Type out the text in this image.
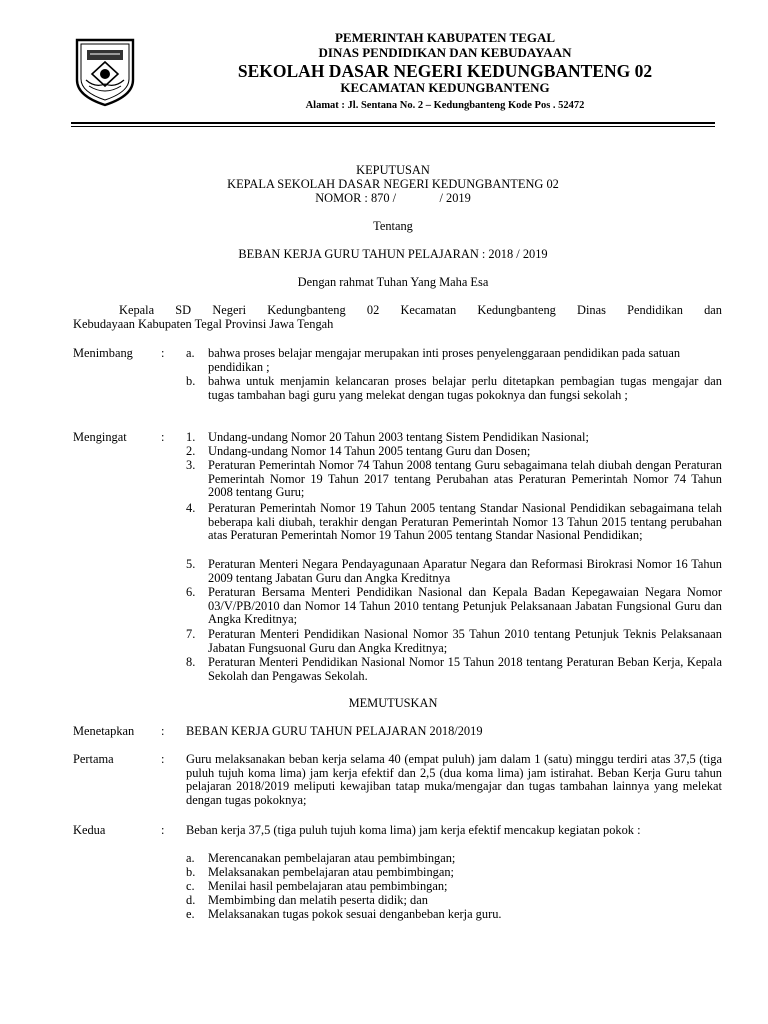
PEMERINTAH KABUPATEN TEGAL
DINAS PENDIDIKAN DAN KEBUDAYAAN
SEKOLAH DASAR NEGERI KEDUNGBANTENG 02
KECAMATAN KEDUNGBANTENG
Alamat : Jl. Sentana No. 2 – Kedungbanteng Kode Pos . 52472
KEPUTUSAN
KEPALA SEKOLAH DASAR NEGERI KEDUNGBANTENG 02
NOMOR : 870 /              / 2019
Tentang
BEBAN KERJA GURU TAHUN PELAJARAN : 2018 / 2019
Dengan rahmat Tuhan Yang Maha Esa
Kepala SD Negeri Kedungbanteng 02 Kecamatan Kedungbanteng Dinas Pendidikan dan
Kebudayaan Kabupaten Tegal Provinsi Jawa Tengah
Menimbang : a. bahwa proses belajar mengajar merupakan inti proses penyelenggaraan pendidikan pada satuan pendidikan ;
b. bahwa untuk menjamin kelancaran proses belajar perlu ditetapkan pembagian tugas mengajar dan tugas tambahan bagi guru yang melekat dengan tugas pokoknya dan fungsi sekolah ;
Mengingat	: 1. Undang-undang Nomor 20 Tahun 2003 tentang Sistem Pendidikan Nasional;
2. Undang-undang Nomor 14 Tahun 2005 tentang Guru dan Dosen;
3. Peraturan Pemerintah Nomor 74 Tahun 2008 tentang Guru sebagaimana telah diubah dengan Peraturan Pemerintah Nomor 19 Tahun 2017 tentang Perubahan atas Peraturan Pemerintah Nomor 74 Tahun 2008 tentang Guru;
4. Peraturan Pemerintah Nomor 19 Tahun 2005 tentang Standar Nasional Pendidikan sebagaimana telah beberapa kali diubah, terakhir dengan Peraturan Pemerintah Nomor 13 Tahun 2015 tentang perubahan atas Peraturan Pemerintah Nomor 19 Tahun 2005 tentang Standar Nasional Pendidikan;
5. Peraturan Menteri Negara Pendayagunaan Aparatur Negara dan Reformasi Birokrasi Nomor 16 Tahun 2009 tentang Jabatan Guru dan Angka Kreditnya
6. Peraturan Bersama Menteri Pendidikan Nasional dan Kepala Badan Kepegawaian Negara Nomor 03/V/PB/2010 dan Nomor 14 Tahun 2010 tentang Petunjuk Pelaksanaan Jabatan Fungsional Guru dan Angka Kreditnya;
7. Peraturan Menteri Pendidikan Nasional Nomor 35 Tahun 2010 tentang Petunjuk Teknis Pelaksanaan Jabatan Fungsuonal Guru dan Angka Kreditnya;
8. Peraturan Menteri Pendidikan Nasional Nomor 15 Tahun 2018 tentang Peraturan Beban Kerja, Kepala Sekolah dan Pengawas Sekolah.
MEMUTUSKAN
Menetapkan : BEBAN KERJA GURU TAHUN PELAJARAN 2018/2019
Pertama	: Guru melaksanakan beban kerja selama 40 (empat puluh) jam dalam 1 (satu) minggu terdiri atas 37,5 (tiga puluh tujuh koma lima) jam kerja efektif dan 2,5 (dua koma lima) jam istirahat. Beban Kerja Guru tahun pelajaran 2018/2019 meliputi kewajiban tatap muka/mengajar dan tugas tambahan lainnya yang melekat dengan tugas pokoknya;
Kedua	: Beban kerja 37,5 (tiga puluh tujuh koma lima) jam kerja efektif mencakup kegiatan pokok :
a. Merencanakan pembelajaran atau pembimbingan;
b. Melaksanakan pembelajaran atau pembimbingan;
c. Menilai hasil pembelajaran atau pembimbingan;
d. Membimbing dan melatih peserta didik; dan
e. Melaksanakan tugas pokok sesuai denganbeban kerja guru.
